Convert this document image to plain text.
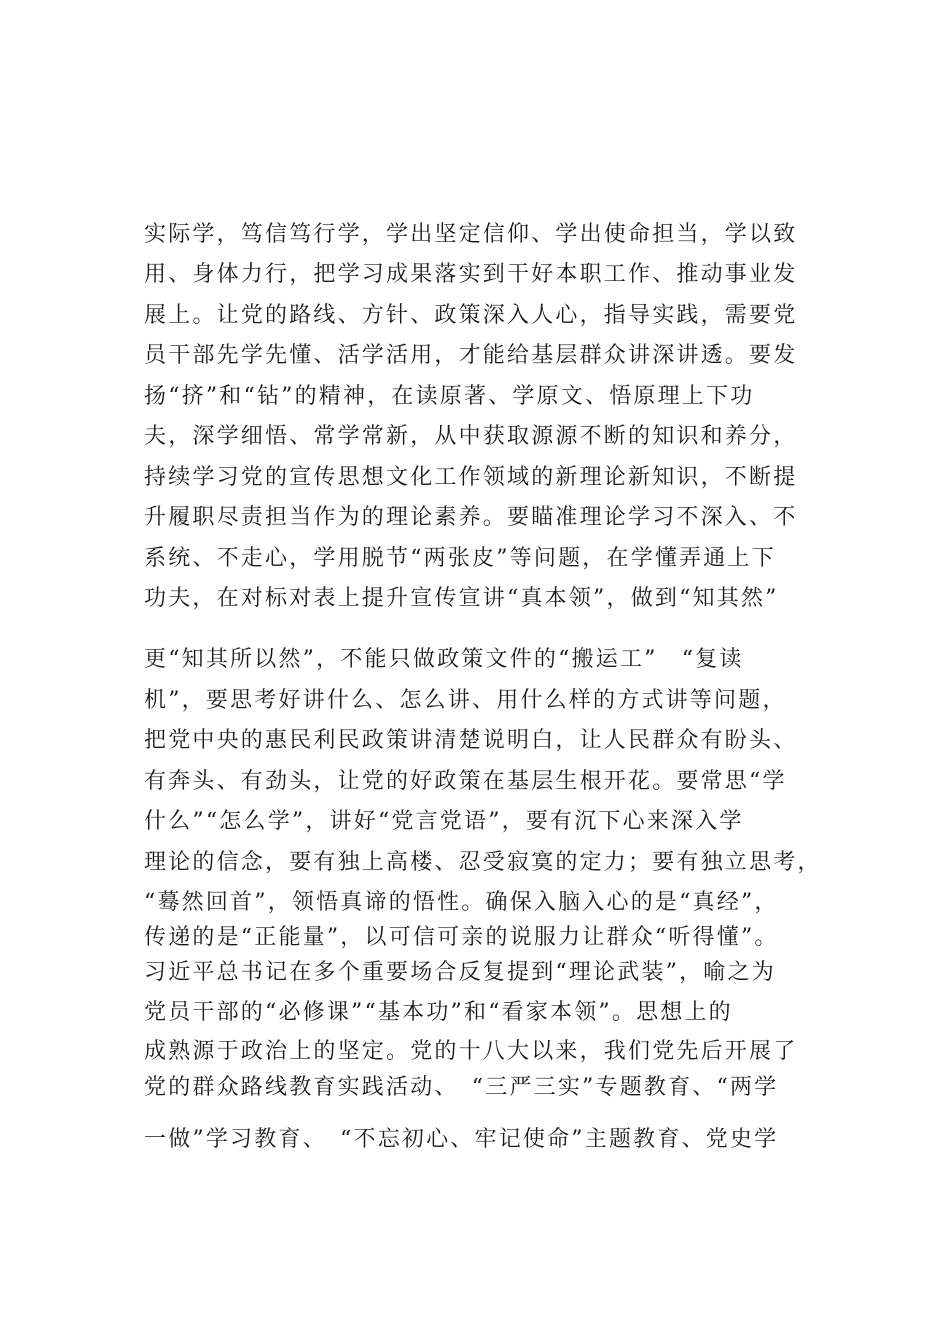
实际学，笃信笃行学，学出坚定信仰、学出使命担当，学以致
用、身体力行，把学习成果落实到干好本职工作、推动事业发
展上。让党的路线、方针、政策深入人心，指导实践，需要党
员干部先学先懂、活学活用，才能给基层群众讲深讲透。要发
扬“挤”和“钻”的精神，在读原著、学原文、悟原理上下功
夫，深学细悟、常学常新，从中获取源源不断的知识和养分，
持续学习党的宣传思想文化工作领域的新理论新知识，不断提
升履职尽责担当作为的理论素养。要瞄准理论学习不深入、不
系统、不走心，学用脱节“两张皮”等问题，在学懂弄通上下
功夫，在对标对表上提升宣传宣讲“真本领”，做到“知其然”
更“知其所以然”，不能只做政策文件的“搬运工”　“复读
机”，要思考好讲什么、怎么讲、用什么样的方式讲等问题，
把党中央的惠民利民政策讲清楚说明白，让人民群众有盼头、
有奔头、有劲头，让党的好政策在基层生根开花。要常思“学
什么”“怎么学”，讲好“党言党语”，要有沉下心来深入学
理论的信念，要有独上高楼、忍受寂寞的定力；要有独立思考，
“蓦然回首”，领悟真谛的悟性。确保入脑入心的是“真经”，
传递的是“正能量”，以可信可亲的说服力让群众“听得懂”。
习近平总书记在多个重要场合反复提到“理论武装”，喻之为
党员干部的“必修课”“基本功”和“看家本领”。思想上的
成熟源于政治上的坚定。党的十八大以来，我们党先后开展了
党的群众路线教育实践活动、　“三严三实”专题教育、“两学
一做”学习教育、　“不忘初心、牢记使命”主题教育、党史学
